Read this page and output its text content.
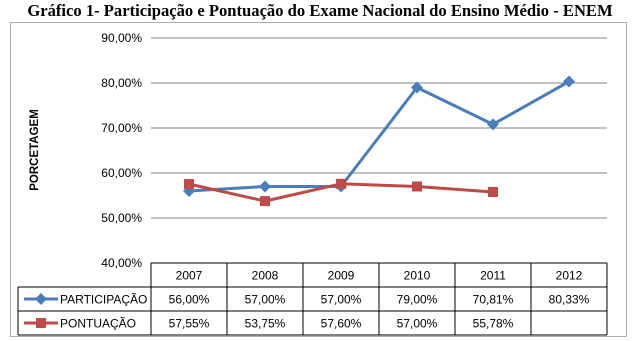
Gráfico 1- Participação e Pontuação do Exame Nacional do Ensino Médio - ENEM
40,00%
50,00%
60,00%
70,00%
80,00%
90,00%
PORCETAGEM
2007	2008	2009	2010	2011	2012
PARTICIPAÇÃO 56,00%	57,00%	57,00%	79,00%	70,81%	80,33%
PONTUAÇÃO	57,55%	53,75%	57,60%	57,00%	55,78%
